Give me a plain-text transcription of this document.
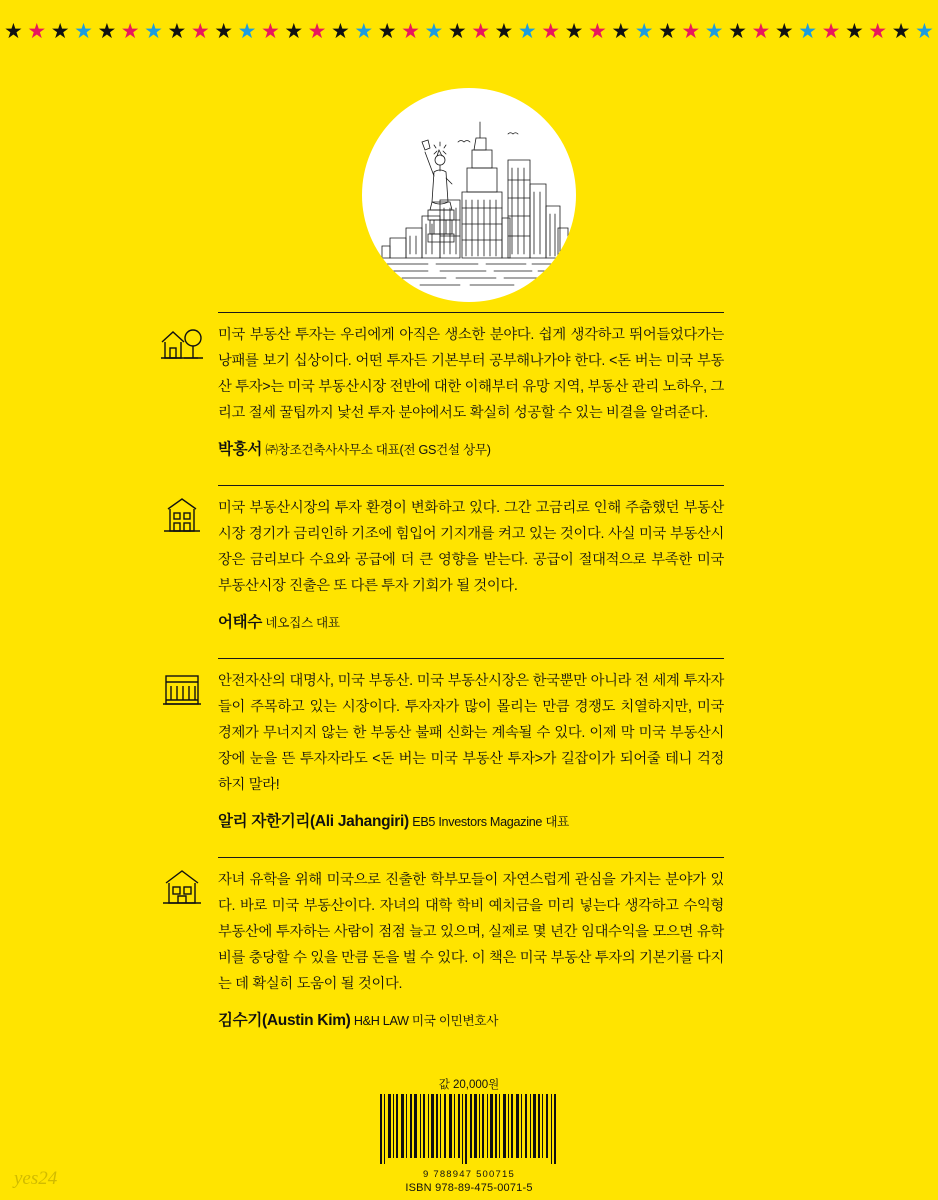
★ ★ ★ ★ ★ ★ ★ ★ ★ ★ ★ ★ ★ ★ ★ ★ ★ ★ ★ ★ ★ ★ ★ ★ ★ ★ ★ ★ ★ ★ ★ ★ ★ ★ ★ ★ ★ ★ ★ ★
미국 부동산 투자는 우리에게 아직은 생소한 분야다. 쉽게 생각하고 뛰어들었다가는 낭패를 보기 십상이다. 어떤 투자든 기본부터 공부해나가야 한다. <돈 버는 미국 부동산 투자>는 미국 부동산시장 전반에 대한 이해부터 유망 지역, 부동산 관리 노하우, 그리고 절세 꿀팁까지 낯선 투자 분야에서도 확실히 성공할 수 있는 비결을 알려준다.
박홍서 ㈜창조건축사사무소 대표(전 GS건설 상무)
미국 부동산시장의 투자 환경이 변화하고 있다. 그간 고금리로 인해 주춤했던 부동산시장 경기가 금리인하 기조에 힘입어 기지개를 켜고 있는 것이다. 사실 미국 부동산시장은 금리보다 수요와 공급에 더 큰 영향을 받는다. 공급이 절대적으로 부족한 미국 부동산시장 진출은 또 다른 투자 기회가 될 것이다.
어태수 네오집스 대표
안전자산의 대명사, 미국 부동산. 미국 부동산시장은 한국뿐만 아니라 전 세계 투자자들이 주목하고 있는 시장이다. 투자자가 많이 몰리는 만큼 경쟁도 치열하지만, 미국 경제가 무너지지 않는 한 부동산 불패 신화는 계속될 수 있다. 이제 막 미국 부동산시장에 눈을 뜬 투자자라도 <돈 버는 미국 부동산 투자>가 길잡이가 되어줄 테니 걱정하지 말라!
알리 자한기리(Ali Jahangiri) EB5 Investors Magazine 대표
자녀 유학을 위해 미국으로 진출한 학부모들이 자연스럽게 관심을 가지는 분야가 있다. 바로 미국 부동산이다. 자녀의 대학 학비 예치금을 미리 넣는다 생각하고 수익형 부동산에 투자하는 사람이 점점 늘고 있으며, 실제로 몇 년간 임대수익을 모으면 유학비를 충당할 수 있을 만큼 돈을 벌 수 있다. 이 책은 미국 부동산 투자의 기본기를 다지는 데 확실히 도움이 될 것이다.
김수기(Austin Kim) H&H LAW 미국 이민변호사
값 20,000원
9 788947 500715
ISBN 978-89-475-0071-5
yes24
